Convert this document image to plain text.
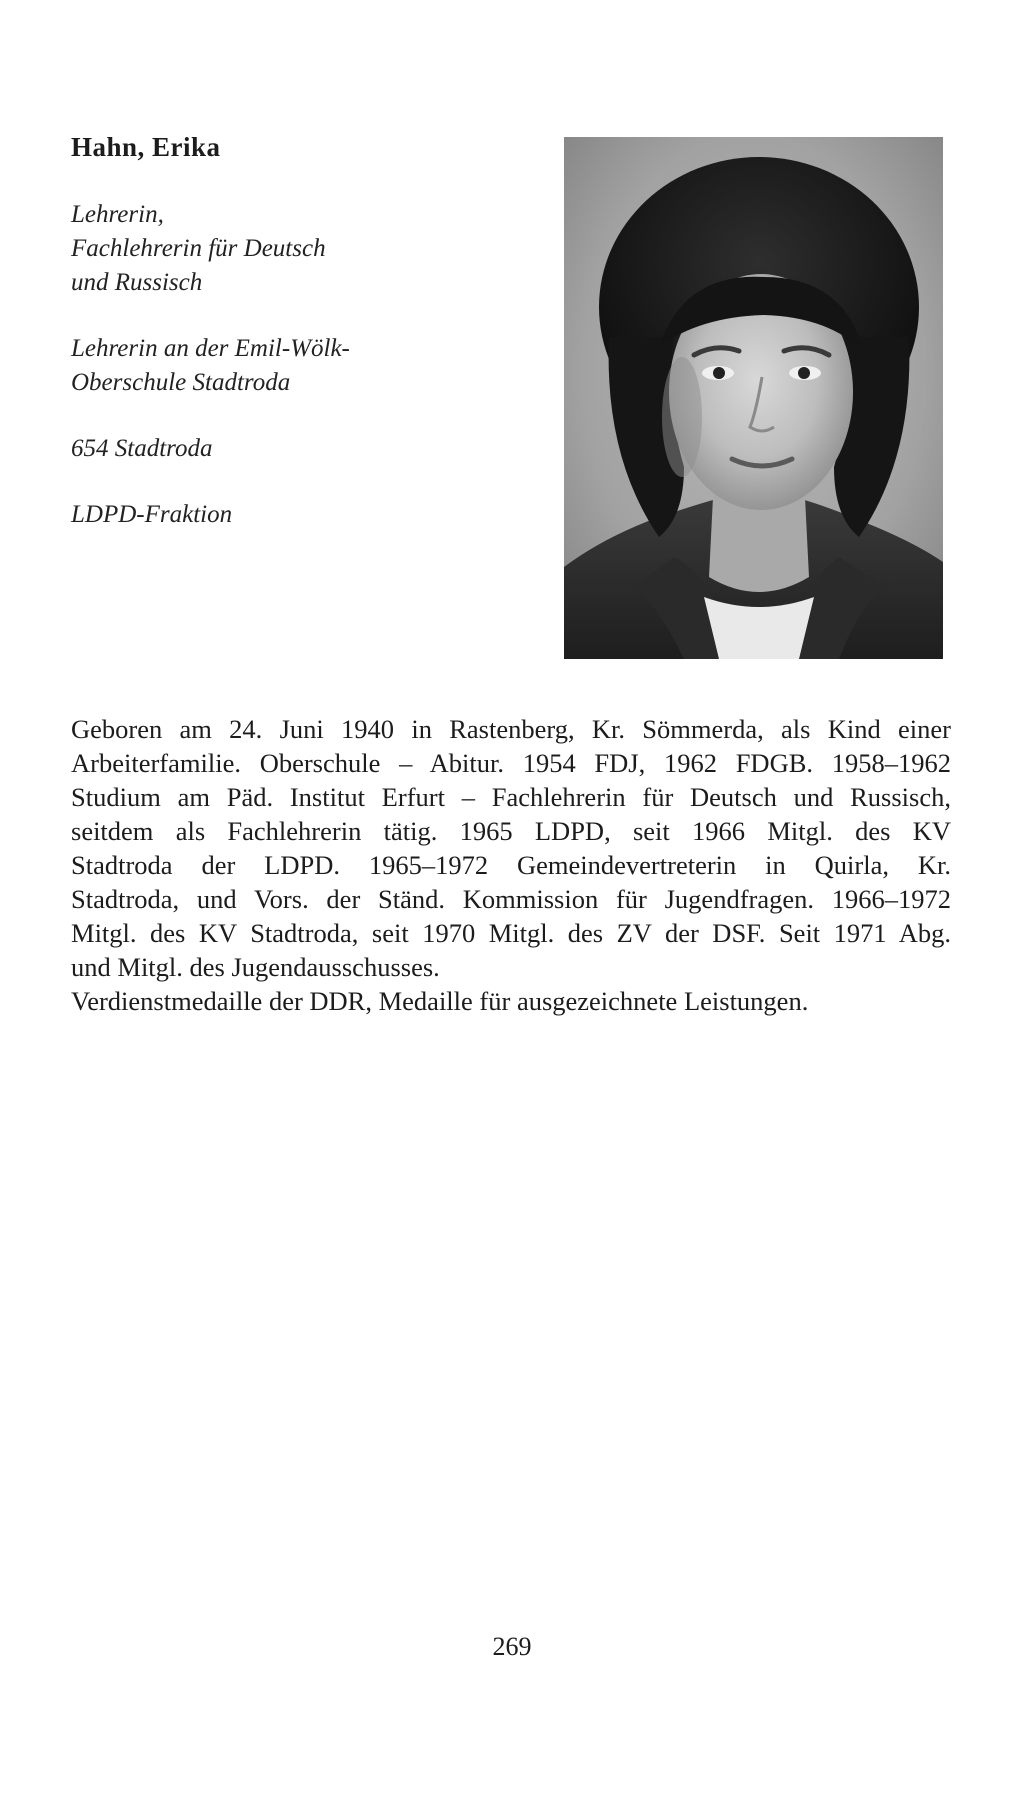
Hahn, Erika

Lehrerin,
Fachlehrerin für Deutsch
und Russisch

Lehrerin an der Emil-Wölk-
Oberschule Stadtroda

654 Stadtroda

LDPD-Fraktion

Geboren am 24. Juni 1940 in Rastenberg, Kr. Sömmerda, als Kind einer
Arbeiterfamilie. Oberschule – Abitur. 1954 FDJ, 1962 FDGB. 1958–1962
Studium am Päd. Institut Erfurt – Fachlehrerin für Deutsch und Russisch,
seitdem als Fachlehrerin tätig. 1965 LDPD, seit 1966 Mitgl. des KV
Stadtroda der LDPD. 1965–1972 Gemeindevertreterin in Quirla, Kr.
Stadtroda, und Vors. der Ständ. Kommission für Jugendfragen. 1966–1972
Mitgl. des KV Stadtroda, seit 1970 Mitgl. des ZV der DSF. Seit 1971 Abg.
und Mitgl. des Jugendausschusses.
Verdienstmedaille der DDR, Medaille für ausgezeichnete Leistungen.
269
